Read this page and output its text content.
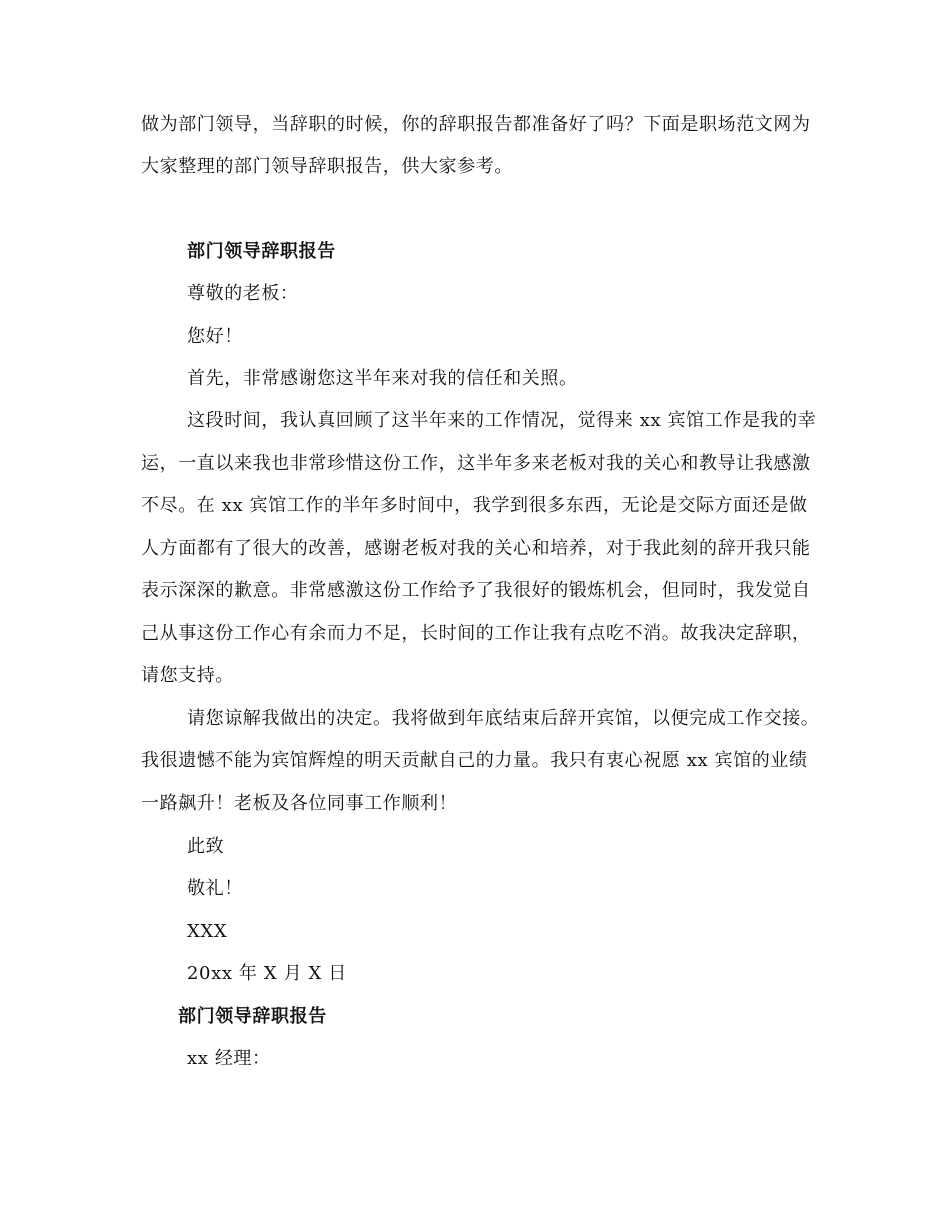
做为部门领导，当辞职的时候，你的辞职报告都准备好了吗？下面是职场范文网为
大家整理的部门领导辞职报告，供大家参考。
部门领导辞职报告
尊敬的老板：
您好！
首先，非常感谢您这半年来对我的信任和关照。
这段时间，我认真回顾了这半年来的工作情况，觉得来 xx 宾馆工作是我的幸
运，一直以来我也非常珍惜这份工作，这半年多来老板对我的关心和教导让我感激
不尽。在 xx 宾馆工作的半年多时间中，我学到很多东西，无论是交际方面还是做
人方面都有了很大的改善，感谢老板对我的关心和培养，对于我此刻的辞开我只能
表示深深的歉意。非常感激这份工作给予了我很好的锻炼机会，但同时，我发觉自
己从事这份工作心有余而力不足，长时间的工作让我有点吃不消。故我决定辞职，
请您支持。
请您谅解我做出的决定。我将做到年底结束后辞开宾馆，以便完成工作交接。
我很遗憾不能为宾馆辉煌的明天贡献自己的力量。我只有衷心祝愿 xx 宾馆的业绩
一路飙升！老板及各位同事工作顺利！
此致
敬礼！
XXX
20xx 年 X 月 X 日
部门领导辞职报告
xx 经理：
